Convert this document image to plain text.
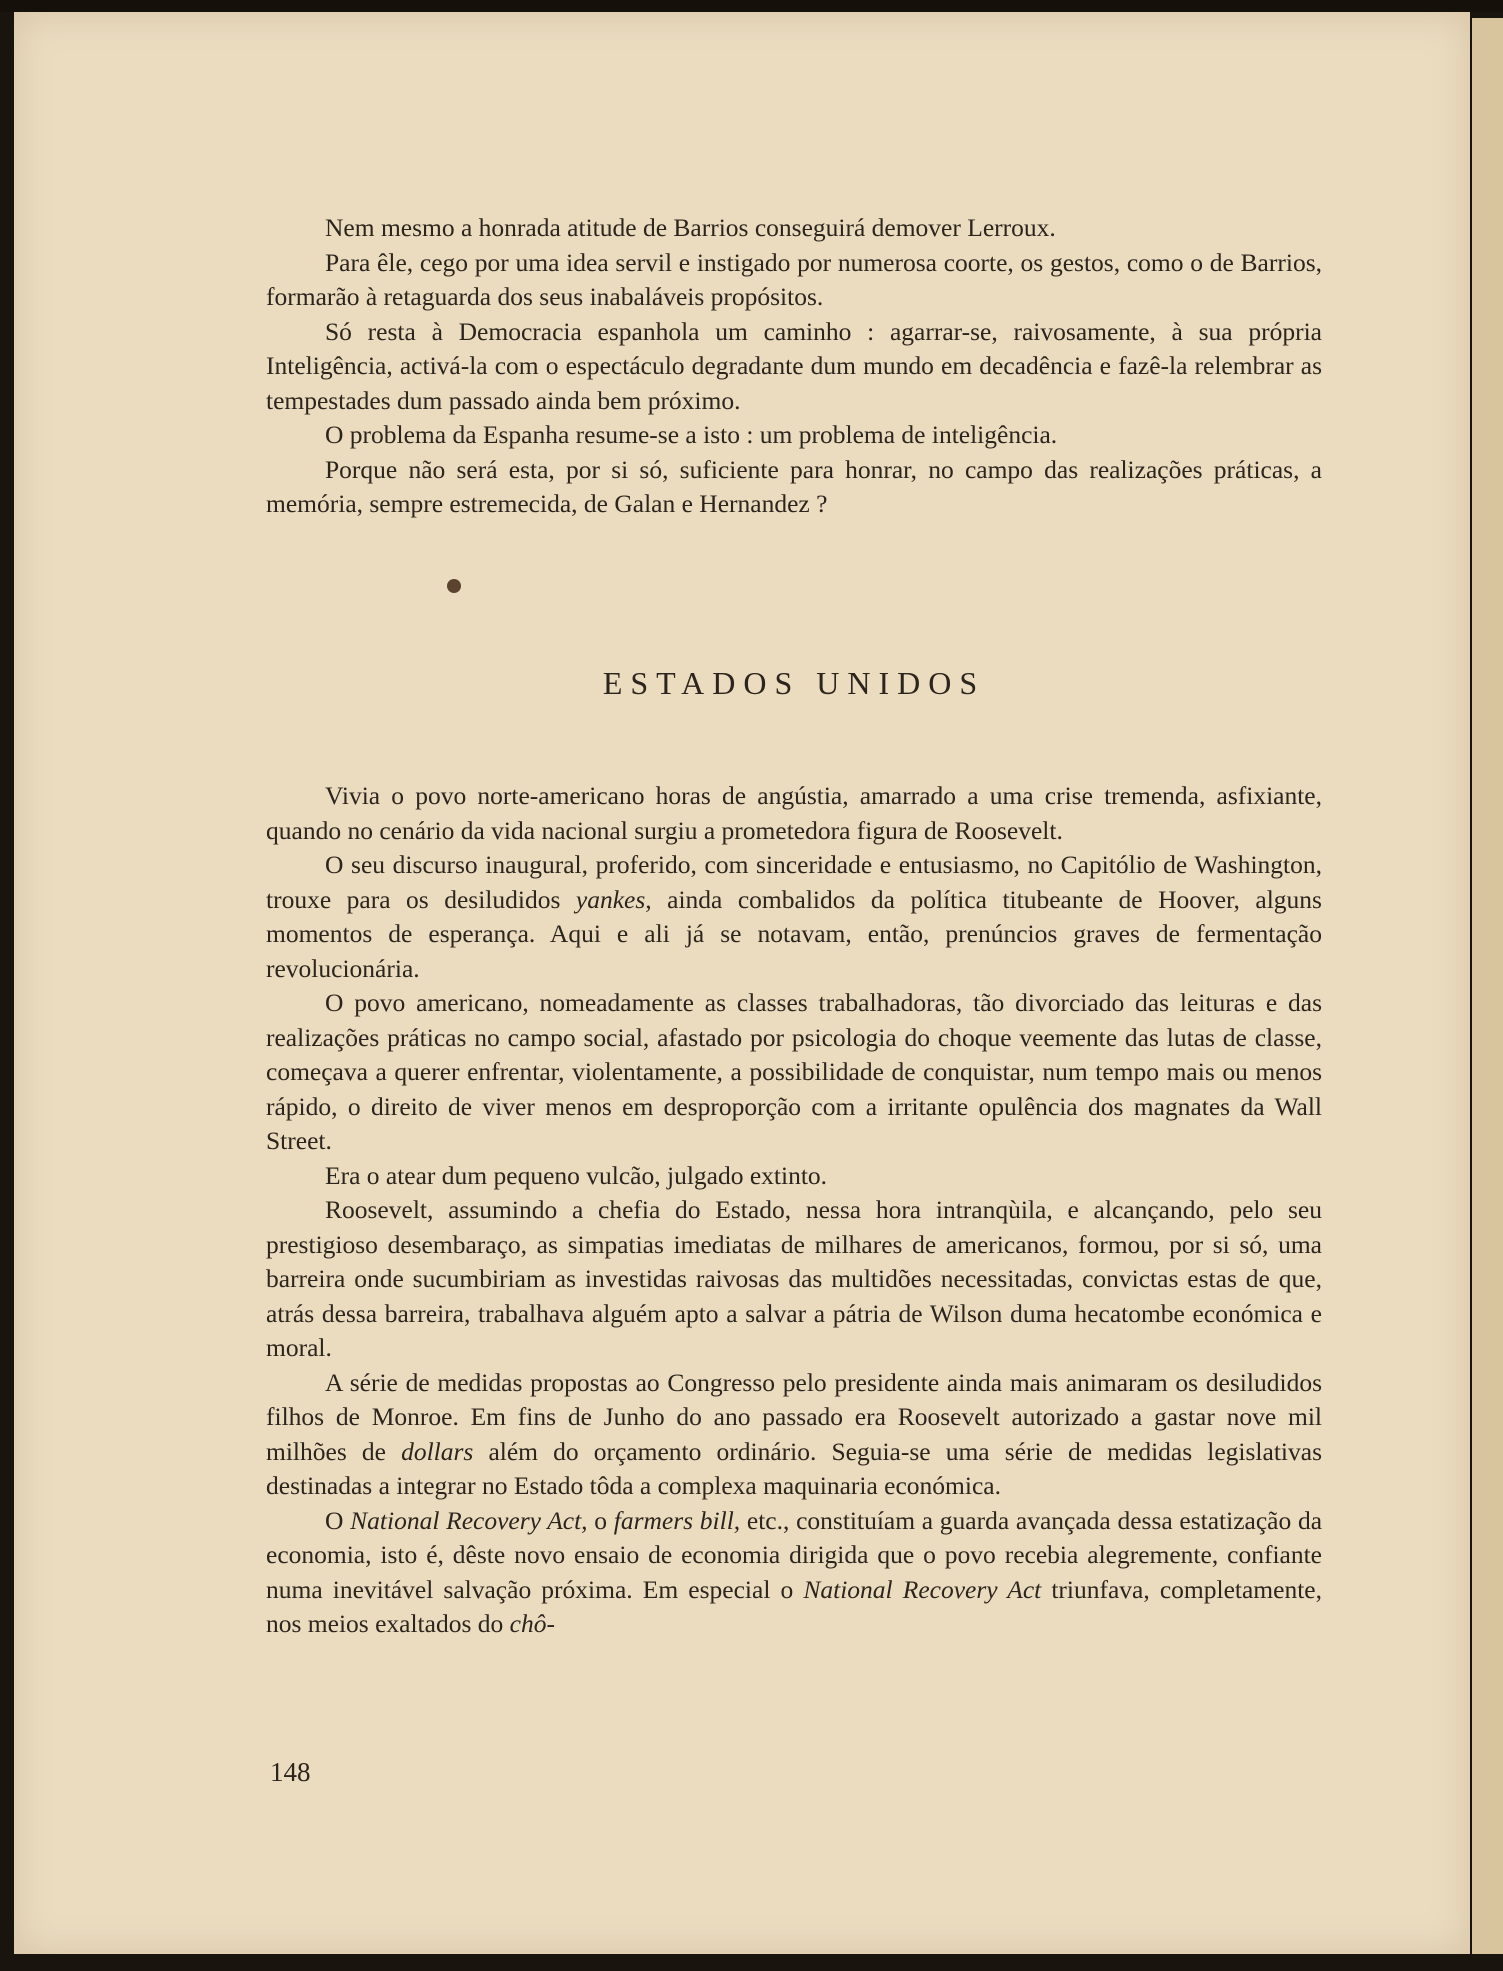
Nem mesmo a honrada atitude de Barrios conseguirá demover Lerroux.

Para êle, cego por uma idea servil e instigado por numerosa coorte, os gestos, como o de Barrios, formarão à retaguarda dos seus inabaláveis propósitos.

Só resta à Democracia espanhola um caminho : agarrar-se, raivosamente, à sua própria Inteligência, activá-la com o espectáculo degradante dum mundo em decadência e fazê-la relembrar as tempestades dum passado ainda bem próximo.

O problema da Espanha resume-se a isto : um problema de inteligência.

Porque não será esta, por si só, suficiente para honrar, no campo das realizações práticas, a memória, sempre estremecida, de Galan e Hernandez ?

ESTADOS UNIDOS

Vivia o povo norte-americano horas de angústia, amarrado a uma crise tremenda, asfixiante, quando no cenário da vida nacional surgiu a prometedora figura de Roosevelt.

O seu discurso inaugural, proferido, com sinceridade e entusiasmo, no Capitólio de Washington, trouxe para os desiludidos yankes, ainda combalidos da política titubeante de Hoover, alguns momentos de esperança. Aqui e ali já se notavam, então, prenúncios graves de fermentação revolucionária.

O povo americano, nomeadamente as classes trabalhadoras, tão divorciado das leituras e das realizações práticas no campo social, afastado por psicologia do choque veemente das lutas de classe, começava a querer enfrentar, violentamente, a possibilidade de conquistar, num tempo mais ou menos rápido, o direito de viver menos em desproporção com a irritante opulência dos magnates da Wall Street.

Era o atear dum pequeno vulcão, julgado extinto.

Roosevelt, assumindo a chefia do Estado, nessa hora intranqùila, e alcançando, pelo seu prestigioso desembaraço, as simpatias imediatas de milhares de americanos, formou, por si só, uma barreira onde sucumbiriam as investidas raivosas das multidões necessitadas, convictas estas de que, atrás dessa barreira, trabalhava alguém apto a salvar a pátria de Wilson duma hecatombe económica e moral.

A série de medidas propostas ao Congresso pelo presidente ainda mais animaram os desiludidos filhos de Monroe. Em fins de Junho do ano passado era Roosevelt autorizado a gastar nove mil milhões de dollars além do orçamento ordinário. Seguia-se uma série de medidas legislativas destinadas a integrar no Estado tôda a complexa maquinaria económica.

O National Recovery Act, o farmers bill, etc., constituíam a guarda avançada dessa estatização da economia, isto é, dêste novo ensaio de economia dirigida que o povo recebia alegremente, confiante numa inevitável salvação próxima. Em especial o National Recovery Act triunfava, completamente, nos meios exaltados do chô-

148
